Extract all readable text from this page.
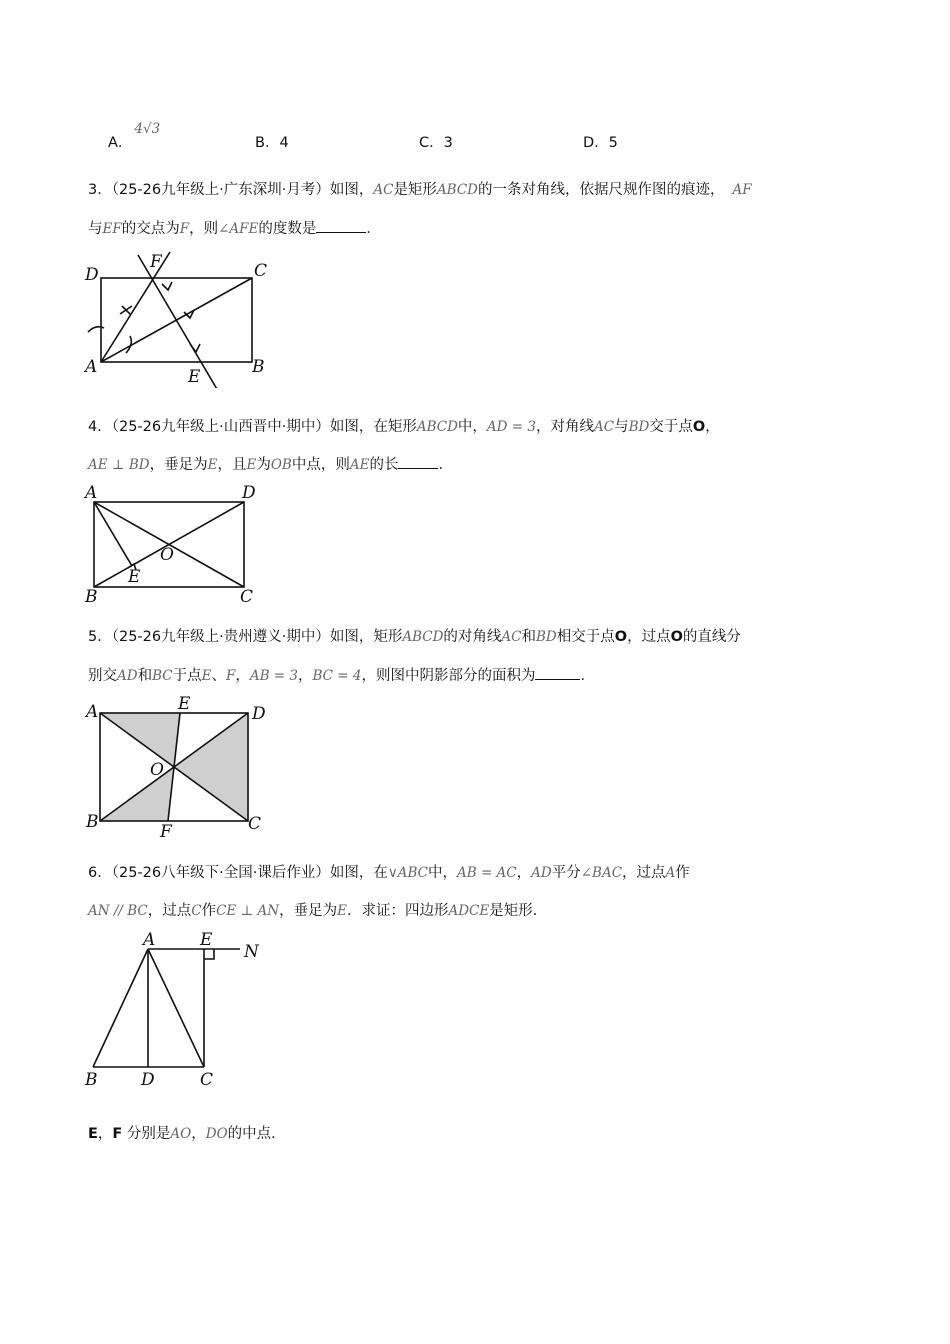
A．4√3
B．4	C．3	D．5
3．（25-26九年级上·广东深圳·月考）如图，AC是矩形ABCD的一条对角线，依据尺规作图的痕迹， AF
与EF的交点为F，则∠AFE的度数是	．
D
F	C
A	E	B
4．（25-26九年级上·山西晋中·期中）如图，在矩形ABCD中，AD = 3，对角线AC与BD交于点O，
AE ⊥ BD，垂足为E，且E为OB中点，则AE的长	．
A	D
O
E
B	C
5．（25-26九年级上·贵州遵义·期中）如图，矩形ABCD的对角线AC和BD相交于点O，过点O的直线分
别交AD和BC于点E、F，AB = 3，BC = 4，则图中阴影部分的面积为	．
A	E	D
O
B	F	C
6．（25-26八年级下·全国·课后作业）如图，在∨ABC中，AB = AC，AD平分∠BAC，过点A作
AN // BC，过点C作CE ⊥ AN，垂足为E．求证：四边形ADCE是矩形．
A	E
N
B	D	C
E，F 分别是AO，DO的中点．
